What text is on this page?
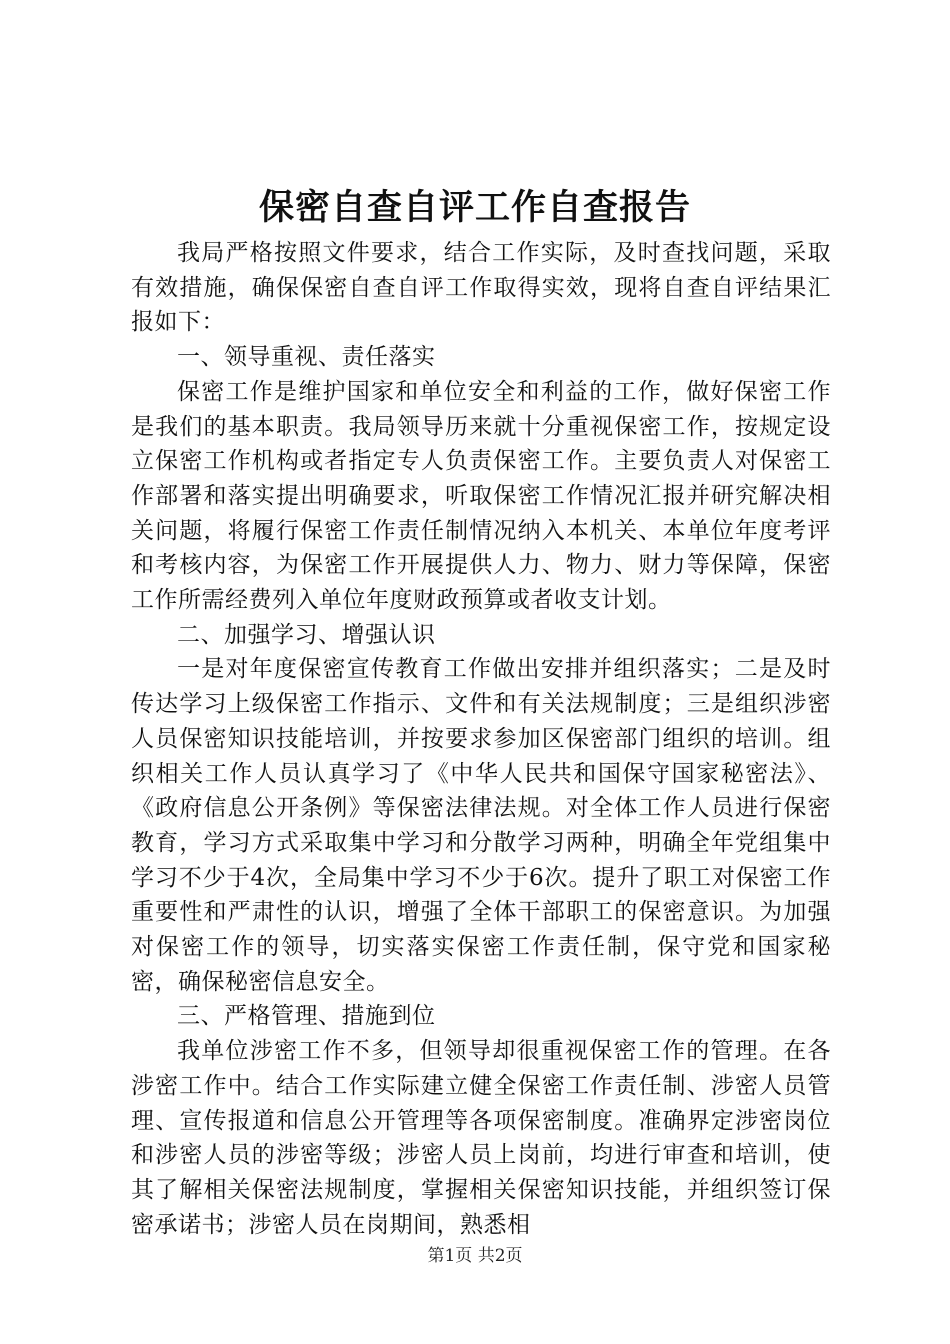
保密自查自评工作自查报告

我局严格按照文件要求，结合工作实际，及时查找问题，采取有效措施，确保保密自查自评工作取得实效，现将自查自评结果汇报如下：

一、领导重视、责任落实

保密工作是维护国家和单位安全和利益的工作，做好保密工作是我们的基本职责。我局领导历来就十分重视保密工作，按规定设立保密工作机构或者指定专人负责保密工作。主要负责人对保密工作部署和落实提出明确要求，听取保密工作情况汇报并研究解决相关问题，将履行保密工作责任制情况纳入本机关、本单位年度考评和考核内容，为保密工作开展提供人力、物力、财力等保障，保密工作所需经费列入单位年度财政预算或者收支计划。

二、加强学习、增强认识

一是对年度保密宣传教育工作做出安排并组织落实；二是及时传达学习上级保密工作指示、文件和有关法规制度；三是组织涉密人员保密知识技能培训，并按要求参加区保密部门组织的培训。组织相关工作人员认真学习了《中华人民共和国保守国家秘密法》、《政府信息公开条例》等保密法律法规。对全体工作人员进行保密教育，学习方式采取集中学习和分散学习两种，明确全年党组集中学习不少于4次，全局集中学习不少于6次。提升了职工对保密工作重要性和严肃性的认识，增强了全体干部职工的保密意识。为加强对保密工作的领导，切实落实保密工作责任制，保守党和国家秘密，确保秘密信息安全。

三、严格管理、措施到位

我单位涉密工作不多，但领导却很重视保密工作的管理。在各涉密工作中。结合工作实际建立健全保密工作责任制、涉密人员管理、宣传报道和信息公开管理等各项保密制度。准确界定涉密岗位和涉密人员的涉密等级；涉密人员上岗前，均进行审查和培训，使其了解相关保密法规制度，掌握相关保密知识技能，并组织签订保密承诺书；涉密人员在岗期间，熟悉相

第1页 共2页
